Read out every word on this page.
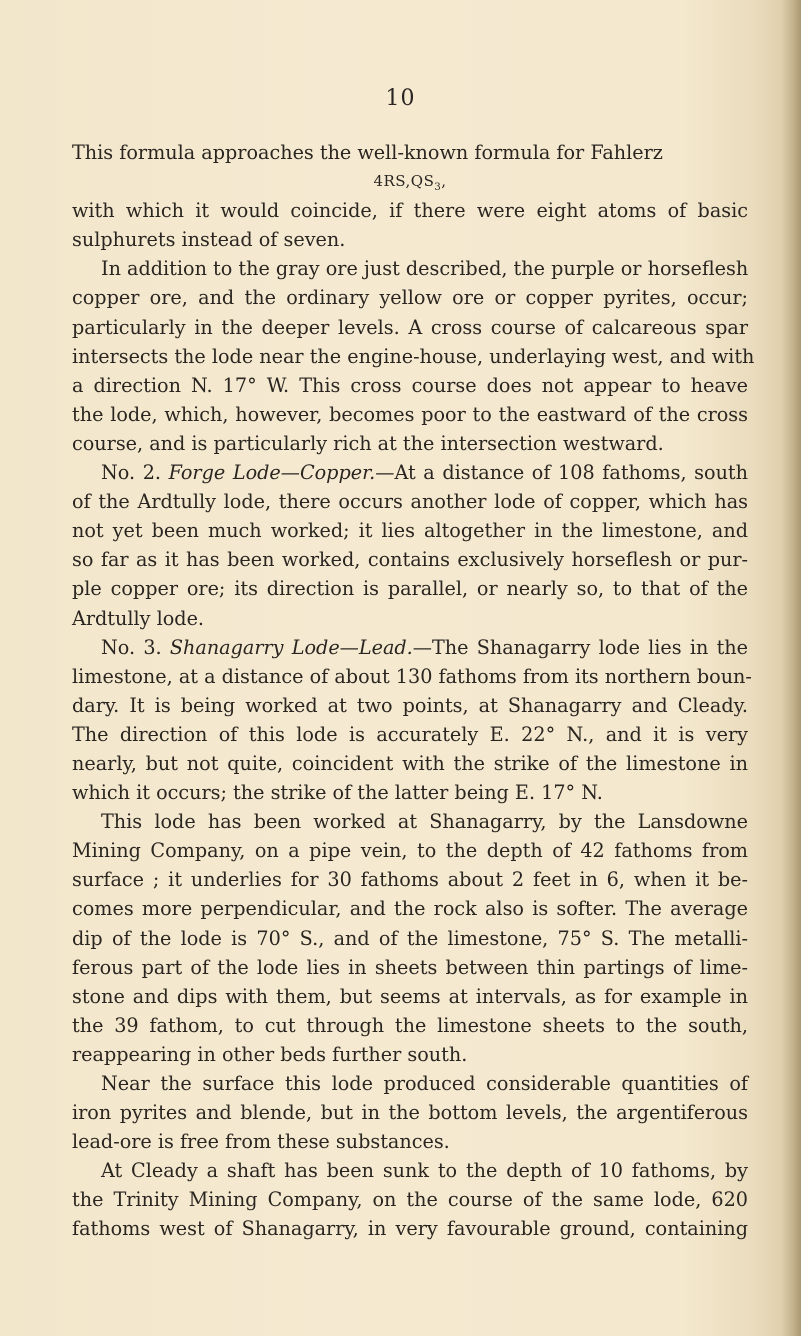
10
This formula approaches the well-known formula for Fahlerz
$4RS,QS_3$,
with which it would coincide, if there were eight atoms of basic
sulphurets instead of seven.
In addition to the gray ore just described, the purple or horseflesh
copper ore, and the ordinary yellow ore or copper pyrites, occur;
particularly in the deeper levels. A cross course of calcareous spar
intersects the lode near the engine-house, underlaying west, and with
a direction N. 17° W. This cross course does not appear to heave
the lode, which, however, becomes poor to the eastward of the cross
course, and is particularly rich at the intersection westward.
No. 2. Forge Lode—Copper.—At a distance of 108 fathoms, south
of the Ardtully lode, there occurs another lode of copper, which has
not yet been much worked; it lies altogether in the limestone, and
so far as it has been worked, contains exclusively horseflesh or pur-
ple copper ore; its direction is parallel, or nearly so, to that of the
Ardtully lode.
No. 3. Shanagarry Lode—Lead.—The Shanagarry lode lies in the
limestone, at a distance of about 130 fathoms from its northern boun-
dary. It is being worked at two points, at Shanagarry and Cleady.
The direction of this lode is accurately E. 22° N., and it is very
nearly, but not quite, coincident with the strike of the limestone in
which it occurs; the strike of the latter being E. 17° N.
This lode has been worked at Shanagarry, by the Lansdowne
Mining Company, on a pipe vein, to the depth of 42 fathoms from
surface ; it underlies for 30 fathoms about 2 feet in 6, when it be-
comes more perpendicular, and the rock also is softer. The average
dip of the lode is 70° S., and of the limestone, 75° S. The metalli-
ferous part of the lode lies in sheets between thin partings of lime-
stone and dips with them, but seems at intervals, as for example in
the 39 fathom, to cut through the limestone sheets to the south,
reappearing in other beds further south.
Near the surface this lode produced considerable quantities of
iron pyrites and blende, but in the bottom levels, the argentiferous
lead-ore is free from these substances.
At Cleady a shaft has been sunk to the depth of 10 fathoms, by
the Trinity Mining Company, on the course of the same lode, 620
fathoms west of Shanagarry, in very favourable ground, containing
